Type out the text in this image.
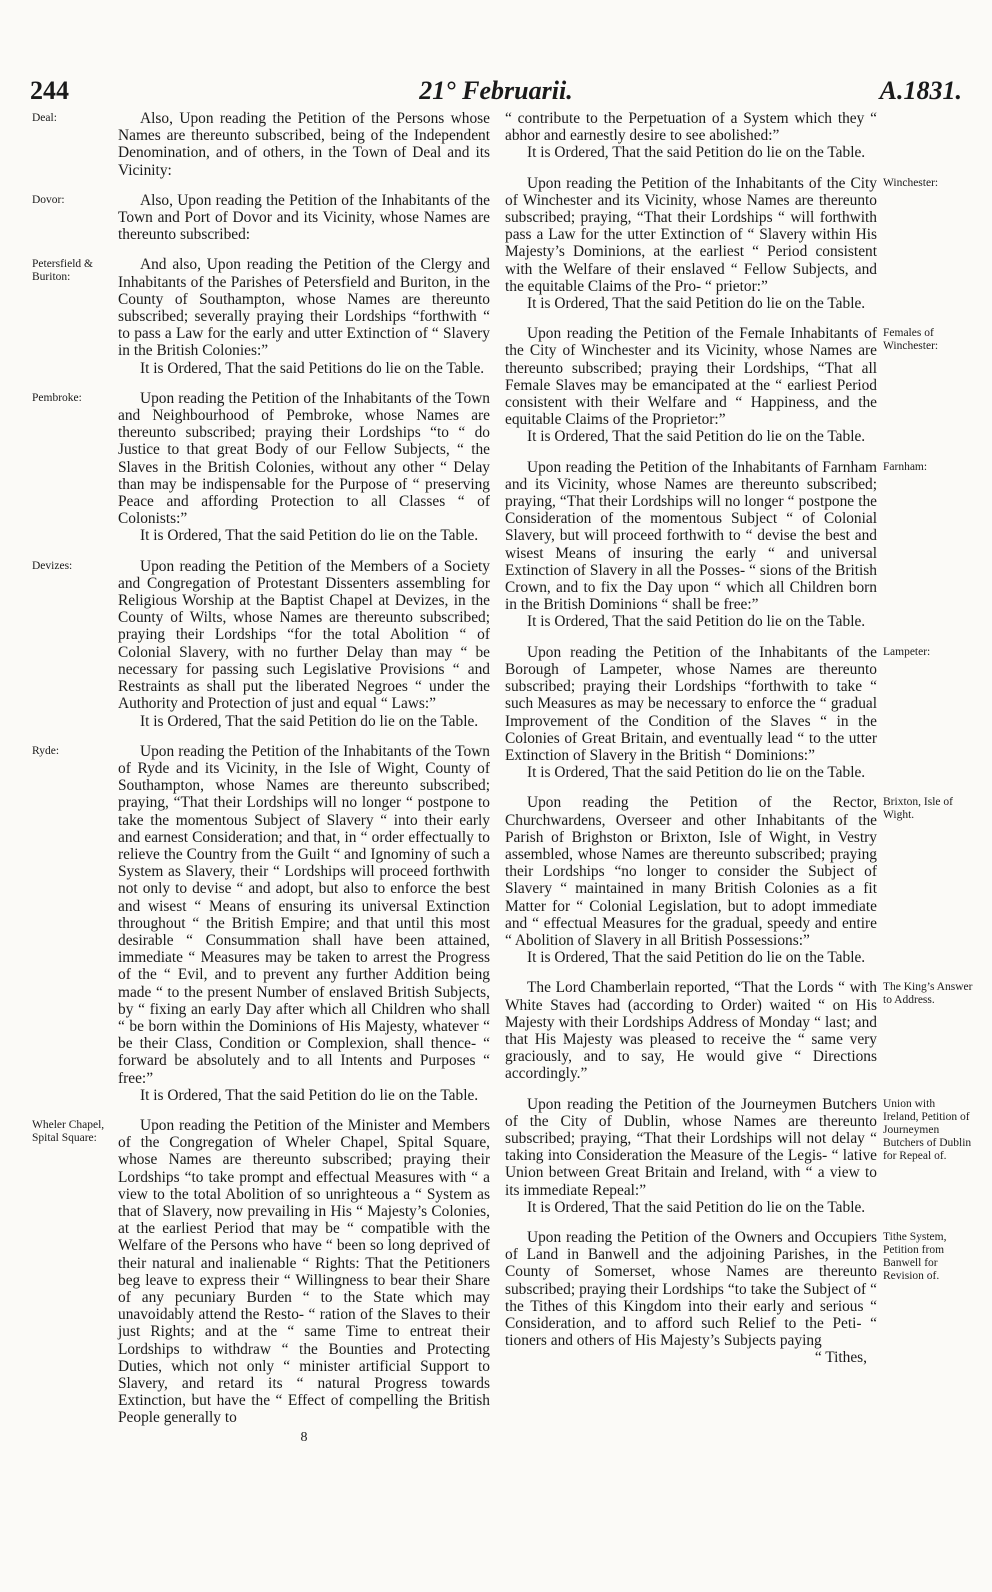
244	21° Februarii.	A.1831.
Deal:	Also, Upon reading the Petition of the Persons whose Names are thereunto subscribed, being of the Independent Denomination, and of others, in the Town of Deal and its Vicinity:

Dovor:	Also, Upon reading the Petition of the Inhabitants of the Town and Port of Dovor and its Vicinity, whose Names are thereunto subscribed:

Petersfield & Buriton:

And also, Upon reading the Petition of the Clergy and Inhabitants of the Parishes of Petersfield and Buriton, in the County of Southampton, whose Names are thereunto subscribed; severally praying their Lordships “forthwith “ to pass a Law for the early and utter Extinction of “ Slavery in the British Colonies:”

It is Ordered, That the said Petitions do lie on the Table.

Pembroke:	Upon reading the Petition of the Inhabitants of the Town and Neighbourhood of Pembroke, whose Names are thereunto subscribed; praying their Lordships “to “ do Justice to that great Body of our Fellow Subjects, “ the Slaves in the British Colonies, without any other “ Delay than may be indispensable for the Purpose of “ preserving Peace and affording Protection to all Classes “ of Colonists:”

It is Ordered, That the said Petition do lie on the Table.

Devizes:	Upon reading the Petition of the Members of a Society and Congregation of Protestant Dissenters assembling for Religious Worship at the Baptist Chapel at Devizes, in the County of Wilts, whose Names are thereunto subscribed; praying their Lordships “for the total Abolition “ of Colonial Slavery, with no further Delay than may “ be necessary for passing such Legislative Provisions “ and Restraints as shall put the liberated Negroes “ under the Authority and Protection of just and equal “ Laws:”

It is Ordered, That the said Petition do lie on the Table.

Ryde:	Upon reading the Petition of the Inhabitants of the Town of Ryde and its Vicinity, in the Isle of Wight, County of Southampton, whose Names are thereunto subscribed; praying, “That their Lordships will no longer “ postpone to take the momentous Subject of Slavery “ into their early and earnest Consideration; and that, in “ order effectually to relieve the Country from the Guilt “ and Ignominy of such a System as Slavery, their “ Lordships will proceed forthwith not only to devise “ and adopt, but also to enforce the best and wisest “ Means of ensuring its universal Extinction throughout “ the British Empire; and that until this most desirable “ Consummation shall have been attained, immediate “ Measures may be taken to arrest the Progress of the “ Evil, and to prevent any further Addition being made “ to the present Number of enslaved British Subjects, by “ fixing an early Day after which all Children who shall “ be born within the Dominions of His Majesty, whatever “ be their Class, Condition or Complexion, shall thence- “ forward be absolutely and to all Intents and Purposes “ free:”

It is Ordered, That the said Petition do lie on the Table.

Wheler Chapel, Spital Square:

Upon reading the Petition of the Minister and Members of the Congregation of Wheler Chapel, Spital Square, whose Names are thereunto subscribed; praying their Lordships “to take prompt and effectual Measures with “ a view to the total Abolition of so unrighteous a “ System as that of Slavery, now prevailing in His “ Majesty’s Colonies, at the earliest Period that may be “ compatible with the Welfare of the Persons who have “ been so long deprived of their natural and inalienable “ Rights: That the Petitioners beg leave to express their “ Willingness to bear their Share of any pecuniary Burden “ to the State which may unavoidably attend the Resto- “ ration of the Slaves to their just Rights; and at the “ same Time to entreat their Lordships to withdraw “ the Bounties and Protecting Duties, which not only “ minister artificial Support to Slavery, and retard its “ natural Progress towards Extinction, but have the “ Effect of compelling the British People generally to

8

“ contribute to the Perpetuation of a System which they “ abhor and earnestly desire to see abolished:”

It is Ordered, That the said Petition do lie on the Table.

Winchester:

Upon reading the Petition of the Inhabitants of the City of Winchester and its Vicinity, whose Names are thereunto subscribed; praying, “That their Lordships “ will forthwith pass a Law for the utter Extinction of “ Slavery within His Majesty’s Dominions, at the earliest “ Period consistent with the Welfare of their enslaved “ Fellow Subjects, and the equitable Claims of the Pro- “ prietor:”

It is Ordered, That the said Petition do lie on the Table.

Females of Winchester:

Upon reading the Petition of the Female Inhabitants of the City of Winchester and its Vicinity, whose Names are thereunto subscribed; praying their Lordships, “That all Female Slaves may be emancipated at the “ earliest Period consistent with their Welfare and “ Happiness, and the equitable Claims of the Proprietor:”

It is Ordered, That the said Petition do lie on the Table.

Farnham:

Upon reading the Petition of the Inhabitants of Farnham and its Vicinity, whose Names are thereunto subscribed; praying, “That their Lordships will no longer “ postpone the Consideration of the momentous Subject “ of Colonial Slavery, but will proceed forthwith to “ devise the best and wisest Means of insuring the early “ and universal Extinction of Slavery in all the Posses- “ sions of the British Crown, and to fix the Day upon “ which all Children born in the British Dominions “ shall be free:”

It is Ordered, That the said Petition do lie on the Table.

Lampeter:

Upon reading the Petition of the Inhabitants of the Borough of Lampeter, whose Names are thereunto subscribed; praying their Lordships “forthwith to take “ such Measures as may be necessary to enforce the “ gradual Improvement of the Condition of the Slaves “ in the Colonies of Great Britain, and eventually lead “ to the utter Extinction of Slavery in the British “ Dominions:”

It is Ordered, That the said Petition do lie on the Table.

Brixton, Isle of Wight.

Upon reading the Petition of the Rector, Churchwardens, Overseer and other Inhabitants of the Parish of Brighston or Brixton, Isle of Wight, in Vestry assembled, whose Names are thereunto subscribed; praying their Lordships “no longer to consider the Subject of Slavery “ maintained in many British Colonies as a fit Matter for “ Colonial Legislation, but to adopt immediate and “ effectual Measures for the gradual, speedy and entire “ Abolition of Slavery in all British Possessions:”

It is Ordered, That the said Petition do lie on the Table.

The King’s Answer to Address.

The Lord Chamberlain reported, “That the Lords “ with White Staves had (according to Order) waited “ on His Majesty with their Lordships Address of Monday “ last; and that His Majesty was pleased to receive the “ same very graciously, and to say, He would give “ Directions accordingly.”

Union with Ireland, Petition of Journeymen Butchers of Dublin for Repeal of.

Upon reading the Petition of the Journeymen Butchers of the City of Dublin, whose Names are thereunto subscribed; praying, “That their Lordships will not delay “ taking into Consideration the Measure of the Legis- “ lative Union between Great Britain and Ireland, with “ a view to its immediate Repeal:”

It is Ordered, That the said Petition do lie on the Table.

Tithe System, Petition from Banwell for Revision of.

Upon reading the Petition of the Owners and Occupiers of Land in Banwell and the adjoining Parishes, in the County of Somerset, whose Names are thereunto subscribed; praying their Lordships “to take the Subject of “ the Tithes of this Kingdom into their early and serious “ Consideration, and to afford such Relief to the Peti- “ tioners and others of His Majesty’s Subjects paying

“ Tithes,
